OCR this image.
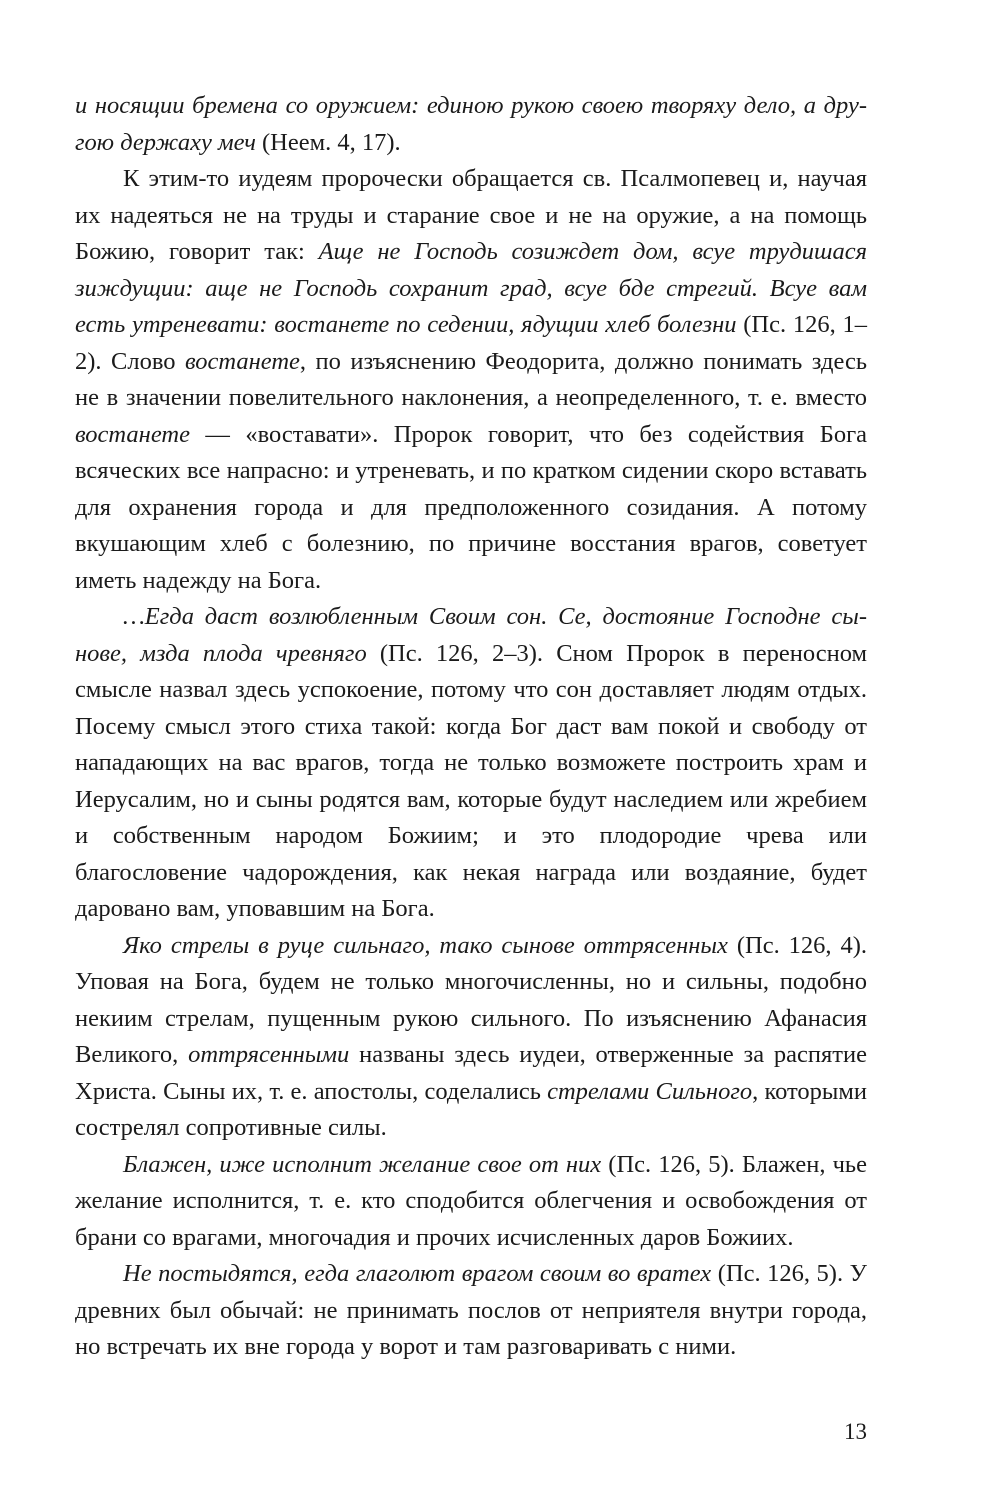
и носящии бремена со оружием: единою рукою своею творяху дело, а другою держаху меч (Неем. 4, 17).

К этим-то иудеям пророчески обращается св. Псалмопевец и, научая их надеяться не на труды и старание свое и не на оружие, а на помощь Божию, говорит так: Аще не Господь созиждет дом, всуе трудишася зиждущии: аще не Господь сохранит град, всуе бде стрегий. Всуе вам есть утреневати: востанете по седении, ядущии хлеб болезни (Пс. 126, 1–2). Слово востанете, по изъяснению Феодорита, должно понимать здесь не в значении повелительного наклонения, а неопределенного, т. е. вместо востанете — «воставати». Пророк говорит, что без содействия Бога всяческих все напрасно: и утреневать, и по кратком сидении скоро вставать для охранения города и для предположенного созидания. А потому вкушающим хлеб с болезнию, по причине восстания врагов, советует иметь надежду на Бога.

…Егда даст возлюбленным Своим сон. Се, достояние Господне сынове, мзда плода чревняго (Пс. 126, 2–3). Сном Пророк в переносном смысле назвал здесь успокоение, потому что сон доставляет людям отдых. Посему смысл этого стиха такой: когда Бог даст вам покой и свободу от нападающих на вас врагов, тогда не только возможете построить храм и Иерусалим, но и сыны родятся вам, которые будут наследием или жребием и собственным народом Божиим; и это плодородие чрева или благословение чадорождения, как некая награда или воздаяние, будет даровано вам, уповавшим на Бога.

Яко стрелы в руце сильнаго, тако сынове оттрясенных (Пс. 126, 4). Уповая на Бога, будем не только многочисленны, но и сильны, подобно некиим стрелам, пущенным рукою сильного. По изъяснению Афанасия Великого, оттрясенными названы здесь иудеи, отверженные за распятие Христа. Сыны их, т. е. апостолы, соделались стрелами Сильного, которыми сострелял сопротивные силы.

Блажен, иже исполнит желание свое от них (Пс. 126, 5). Блажен, чье желание исполнится, т. е. кто сподобится облегчения и освобождения от брани со врагами, многочадия и прочих исчисленных даров Божиих.

Не постыдятся, егда глаголют врагом своим во вратех (Пс. 126, 5). У древних был обычай: не принимать послов от неприятеля внутри города, но встречать их вне города у ворот и там разговаривать с ними.

13
